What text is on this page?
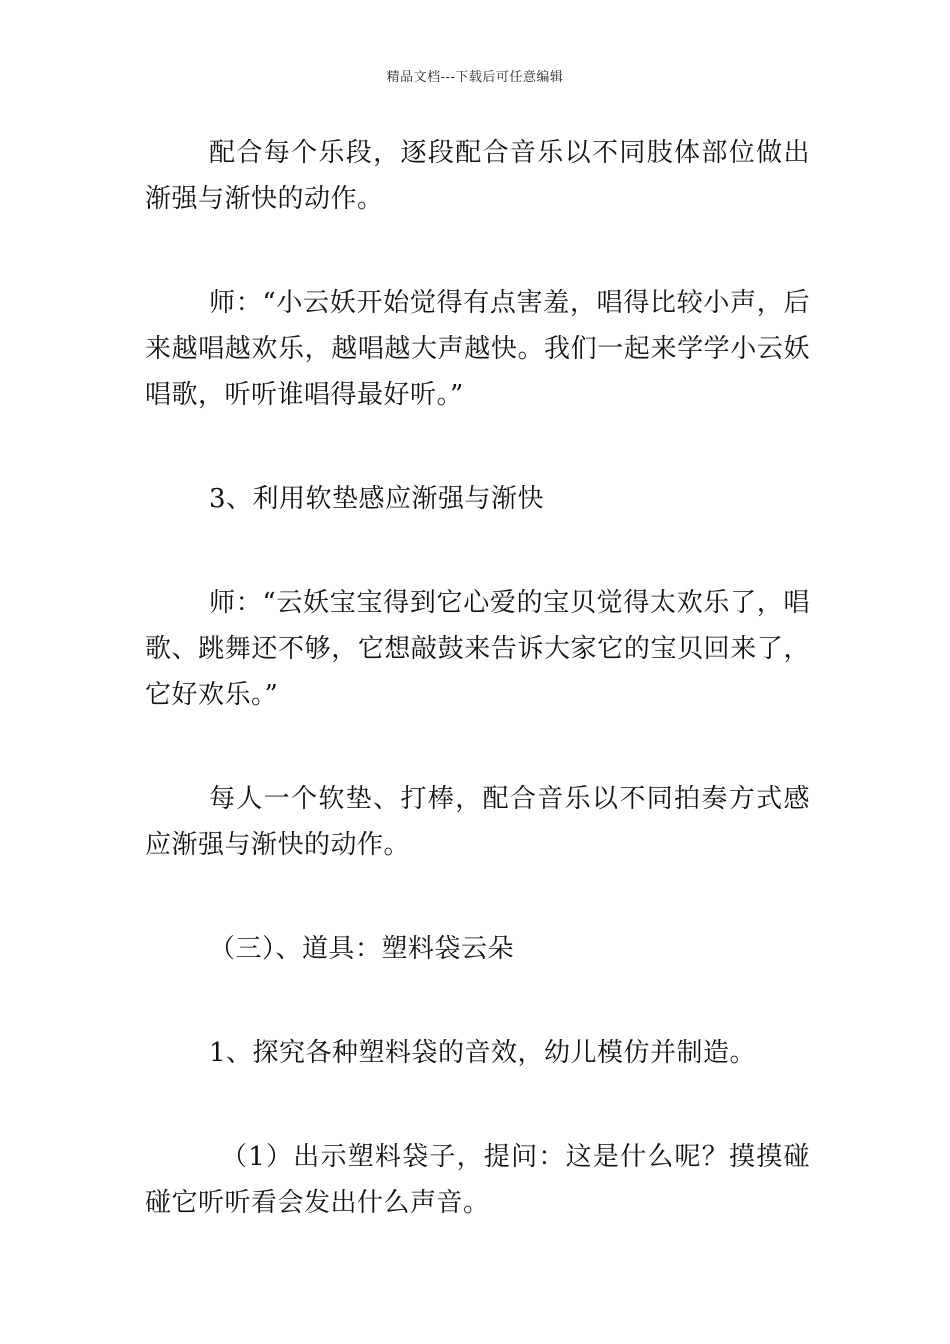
精品文档---下载后可任意编辑

配合每个乐段，逐段配合音乐以不同肢体部位做出渐强与渐快的动作。

师：“小云妖开始觉得有点害羞，唱得比较小声，后来越唱越欢乐，越唱越大声越快。我们一起来学学小云妖唱歌，听听谁唱得最好听。”

3、利用软垫感应渐强与渐快

师：“云妖宝宝得到它心爱的宝贝觉得太欢乐了，唱歌、跳舞还不够，它想敲鼓来告诉大家它的宝贝回来了，它好欢乐。”

每人一个软垫、打棒，配合音乐以不同拍奏方式感应渐强与渐快的动作。

（三）、道具：塑料袋云朵

1、探究各种塑料袋的音效，幼儿模仿并制造。

（1）出示塑料袋子，提问：这是什么呢？摸摸碰碰它听听看会发出什么声音。
